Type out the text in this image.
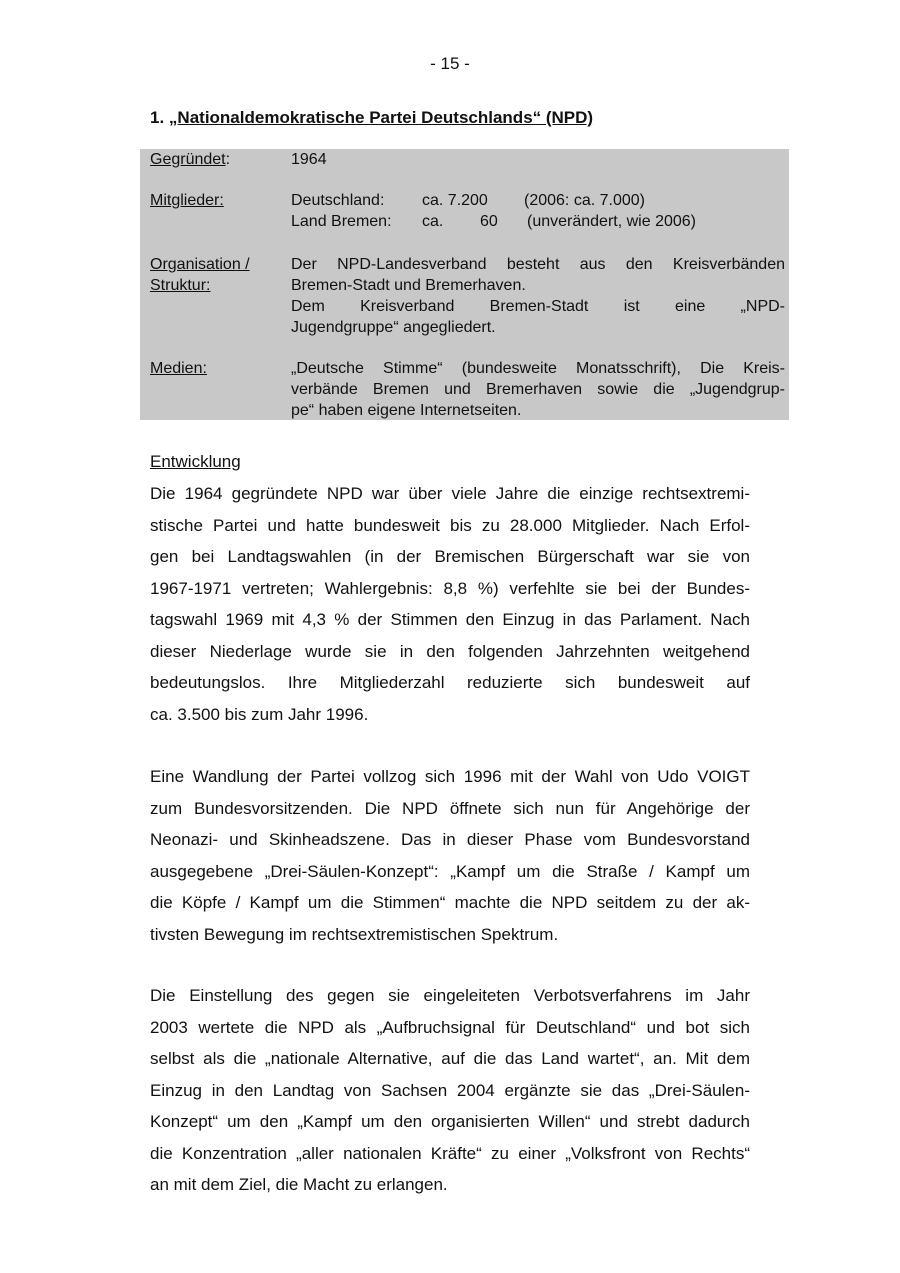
- 15 -
1. „Nationaldemokratische Partei Deutschlands“ (NPD)
Gegründet:	1964
Mitglieder:	Deutschland: ca. 7.200 (2006: ca. 7.000)
Land Bremen: ca. 60 (unverändert, wie 2006)
Organisation /
Struktur:
Der NPD-Landesverband besteht aus den Kreisverbänden
Bremen-Stadt und Bremerhaven.
Dem Kreisverband Bremen-Stadt ist eine „NPD-
Jugendgruppe“ angegliedert.
Medien:	„Deutsche Stimme“ (bundesweite Monatsschrift), Die Kreis-
verbände Bremen und Bremerhaven sowie die „Jugendgrup-
pe“ haben eigene Internetseiten.
Entwicklung
Die 1964 gegründete NPD war über viele Jahre die einzige rechtsextremi-
stische Partei und hatte bundesweit bis zu 28.000 Mitglieder. Nach Erfol-
gen bei Landtagswahlen (in der Bremischen Bürgerschaft war sie von
1967-1971 vertreten; Wahlergebnis: 8,8 %) verfehlte sie bei der Bundes-
tagswahl 1969 mit 4,3 % der Stimmen den Einzug in das Parlament. Nach
dieser Niederlage wurde sie in den folgenden Jahrzehnten weitgehend
bedeutungslos. Ihre Mitgliederzahl reduzierte sich bundesweit auf
ca. 3.500 bis zum Jahr 1996.
Eine Wandlung der Partei vollzog sich 1996 mit der Wahl von Udo VOIGT
zum Bundesvorsitzenden. Die NPD öffnete sich nun für Angehörige der
Neonazi- und Skinheadszene. Das in dieser Phase vom Bundesvorstand
ausgegebene „Drei-Säulen-Konzept“: „Kampf um die Straße / Kampf um
die Köpfe / Kampf um die Stimmen“ machte die NPD seitdem zu der ak-
tivsten Bewegung im rechtsextremistischen Spektrum.
Die Einstellung des gegen sie eingeleiteten Verbotsverfahrens im Jahr
2003 wertete die NPD als „Aufbruchsignal für Deutschland“ und bot sich
selbst als die „nationale Alternative, auf die das Land wartet“, an. Mit dem
Einzug in den Landtag von Sachsen 2004 ergänzte sie das „Drei-Säulen-
Konzept“ um den „Kampf um den organisierten Willen“ und strebt dadurch
die Konzentration „aller nationalen Kräfte“ zu einer „Volksfront von Rechts“
an mit dem Ziel, die Macht zu erlangen.
